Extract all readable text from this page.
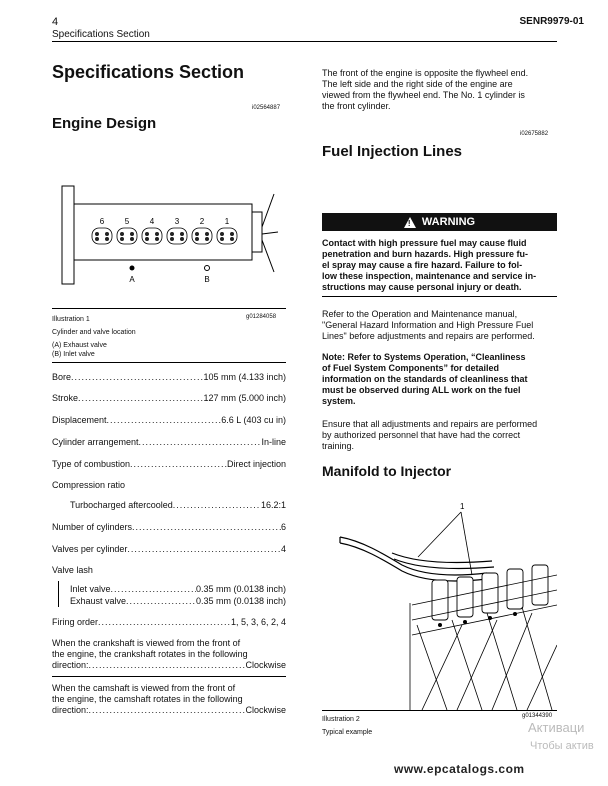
4
Specifications Section
SENR9979-01
Specifications Section
i02564887
Engine Design
6	5	4	3	2	1
A	B
Illustration 1	g01284058
Cylinder and valve location
(A) Exhaust valve
(B) Inlet valve
Bore .....	105 mm (4.133 inch)
Stroke .....	127 mm (5.000 inch)
Displacement .....	6.6 L (403 cu in)
Cylinder arrangement .....	In-line
Type of combustion .....	Direct injection
Compression ratio
Turbocharged aftercooled .....	16.2:1
Number of cylinders .....	6
Valves per cylinder .....	4
Valve lash
Inlet valve .....	0.35 mm (0.0138 inch)
Exhaust valve .....	0.35 mm (0.0138 inch)
Firing order .....	1, 5, 3, 6, 2, 4
When the crankshaft is viewed from the front of
the engine, the crankshaft rotates in the following
direction: .....	Clockwise
When the camshaft is viewed from the front of
the engine, the camshaft rotates in the following
direction: .....	Clockwise
The front of the engine is opposite the flywheel end.
The left side and the right side of the engine are
viewed from the flywheel end. The No. 1 cylinder is
the front cylinder.
i02675882
Fuel Injection Lines
! WARNING
Contact with high pressure fuel may cause fluid
penetration and burn hazards. High pressure fu-
el spray may cause a fire hazard. Failure to fol-
low these inspection, maintenance and service in-
structions may cause personal injury or death.
Refer to the Operation and Maintenance manual,
"General Hazard Information and High Pressure Fuel
Lines" before adjustments and repairs are performed.
Note: Refer to Systems Operation, “Cleanliness
of Fuel System Components” for detailed
information on the standards of cleanliness that
must be observed during ALL work on the fuel
system.
Ensure that all adjustments and repairs are performed
by authorized personnel that have had the correct
training.
Manifold to Injector
1
Illustration 2	g01344390
Typical example	Активаци
Чтобы актив
www.epcatalogs.com
